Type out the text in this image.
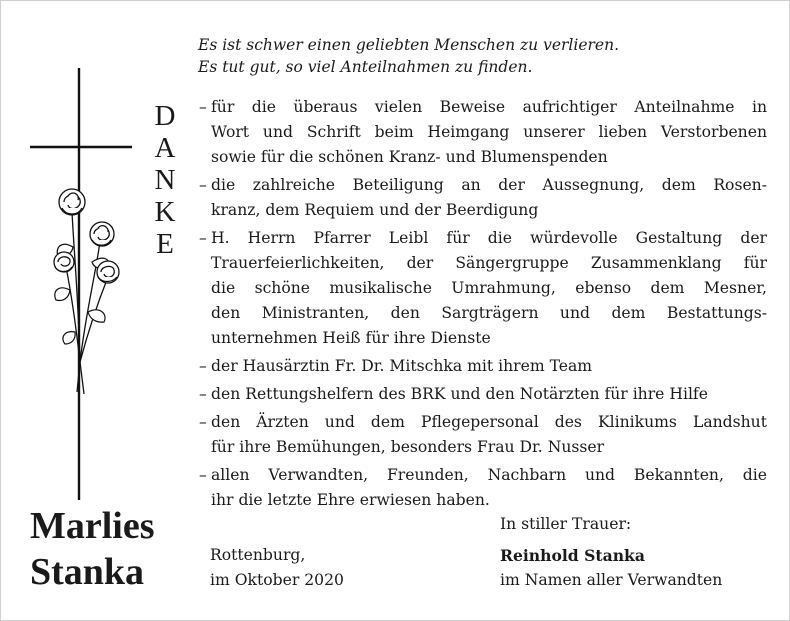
Es ist schwer einen geliebten Menschen zu verlieren.
Es tut gut, so viel Anteilnahmen zu finden.
D
A
N
K
E
– für die überaus vielen Beweise aufrichtiger Anteilnahme in
Wort und Schrift beim Heimgang unserer lieben Verstorbenen
sowie für die schönen Kranz- und Blumenspenden
– die zahlreiche Beteiligung an der Aussegnung, dem Rosen-
kranz, dem Requiem und der Beerdigung
– H. Herrn Pfarrer Leibl für die würdevolle Gestaltung der
Trauerfeierlichkeiten, der Sängergruppe Zusammenklang für
die schöne musikalische Umrahmung, ebenso dem Mesner,
den Ministranten, den Sargträgern und dem Bestattungs-
unternehmen Heiß für ihre Dienste
– der Hausärztin Fr. Dr. Mitschka mit ihrem Team
– den Rettungshelfern des BRK und den Notärzten für ihre Hilfe
– den Ärzten und dem Pflegepersonal des Klinikums Landshut
für ihre Bemühungen, besonders Frau Dr. Nusser
– allen Verwandten, Freunden, Nachbarn und Bekannten, die
ihr die letzte Ehre erwiesen haben.
Marlies
Stanka	Rottenburg,
im Oktober 2020
In stiller Trauer:
Reinhold Stanka
im Namen aller Verwandten
